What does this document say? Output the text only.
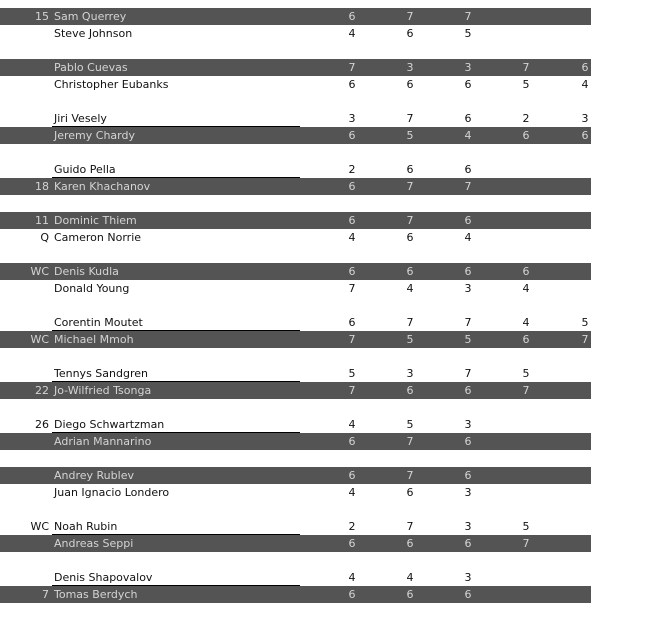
15 Sam Querrey	6	7	7
Steve Johnson	4	6	5
Pablo Cuevas	7	3	3	7	6
Christopher Eubanks	6	6	6	5	4
Jiri Vesely	3	7	6	2	3
Jeremy Chardy	6	5	4	6	6
Guido Pella	2	6	6
18 Karen Khachanov	6	7	7
11 Dominic Thiem	6	7	6
Q Cameron Norrie	4	6	4
WC Denis Kudla	6	6	6	6
Donald Young	7	4	3	4
Corentin Moutet	6	7	7	4	5
WC Michael Mmoh	7	5	5	6	7
Tennys Sandgren	5	3	7	5
22 Jo-Wilfried Tsonga	7	6	6	7
26 Diego Schwartzman	4	5	3
Adrian Mannarino	6	7	6
Andrey Rublev	6	7	6
Juan Ignacio Londero	4	6	3
WC Noah Rubin	2	7	3	5
Andreas Seppi	6	6	6	7
Denis Shapovalov	4	4	3
7 Tomas Berdych	6	6	6
